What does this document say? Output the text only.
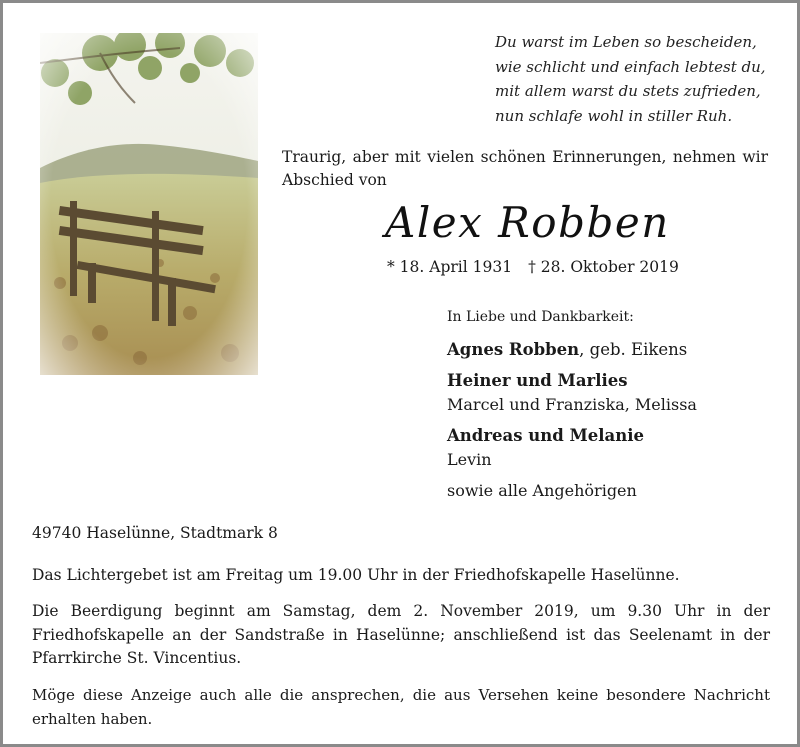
Du warst im Leben so bescheiden,
wie schlicht und einfach lebtest du,
mit allem warst du stets zufrieden,
nun schlafe wohl in stiller Ruh.
Traurig, aber mit vielen schönen Erinnerungen, nehmen wir Abschied von
Alex Robben
* 18. April 1931 † 28. Oktober 2019
In Liebe und Dankbarkeit:
Agnes Robben, geb. Eikens
Heiner und Marlies
Marcel und Franziska, Melissa
Andreas und Melanie
Levin
sowie alle Angehörigen
49740 Haselünne, Stadtmark 8
Das Lichtergebet ist am Freitag um 19.00 Uhr in der Friedhofskapelle Haselünne.
Die Beerdigung beginnt am Samstag, dem 2. November 2019, um 9.30 Uhr in der Friedhofskapelle an der Sandstraße in Haselünne; anschließend ist das Seelenamt in der Pfarrkirche St. Vincentius.
Möge diese Anzeige auch alle die ansprechen, die aus Versehen keine besondere Nachricht erhalten haben.
